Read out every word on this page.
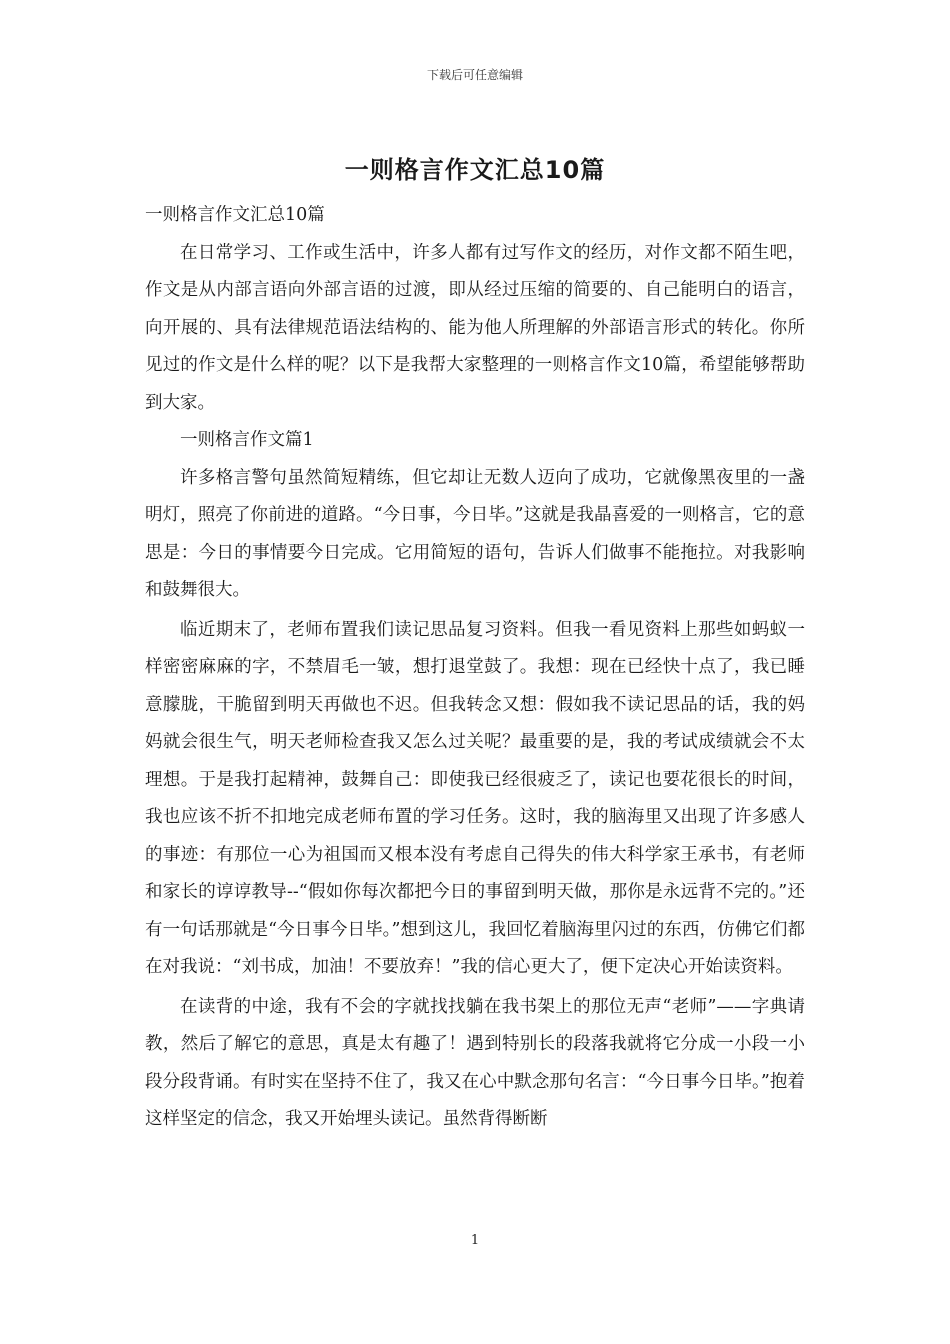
下载后可任意编辑
一则格言作文汇总10篇

一则格言作文汇总10篇

在日常学习、工作或生活中，许多人都有过写作文的经历，对作文都不陌生吧，作文是从内部言语向外部言语的过渡，即从经过压缩的简要的、自己能明白的语言，向开展的、具有法律规范语法结构的、能为他人所理解的外部语言形式的转化。你所见过的作文是什么样的呢？以下是我帮大家整理的一则格言作文10篇，希望能够帮助到大家。

一则格言作文篇1

许多格言警句虽然简短精练，但它却让无数人迈向了成功，它就像黑夜里的一盏明灯，照亮了你前进的道路。“今日事，今日毕。”这就是我晶喜爱的一则格言，它的意思是：今日的事情要今日完成。它用简短的语句，告诉人们做事不能拖拉。对我影响和鼓舞很大。

临近期末了，老师布置我们读记思品复习资料。但我一看见资料上那些如蚂蚁一样密密麻麻的字，不禁眉毛一皱，想打退堂鼓了。我想：现在已经快十点了，我已睡意朦胧，干脆留到明天再做也不迟。但我转念又想：假如我不读记思品的话，我的妈妈就会很生气，明天老师检查我又怎么过关呢？最重要的是，我的考试成绩就会不太理想。于是我打起精神，鼓舞自己：即使我已经很疲乏了，读记也要花很长的时间，我也应该不折不扣地完成老师布置的学习任务。这时，我的脑海里又出现了许多感人的事迹：有那位一心为祖国而又根本没有考虑自己得失的伟大科学家王承书，有老师和家长的谆谆教导--“假如你每次都把今日的事留到明天做，那你是永远背不完的。”还有一句话那就是“今日事今日毕。”想到这儿，我回忆着脑海里闪过的东西，仿佛它们都在对我说：“刘书成，加油！不要放弃！”我的信心更大了，便下定决心开始读资料。

在读背的中途，我有不会的字就找找躺在我书架上的那位无声“老师”——字典请教，然后了解它的意思，真是太有趣了！遇到特别长的段落我就将它分成一小段一小段分段背诵。有时实在坚持不住了，我又在心中默念那句名言：“今日事今日毕。”抱着这样坚定的信念，我又开始埋头读记。虽然背得断断

1
